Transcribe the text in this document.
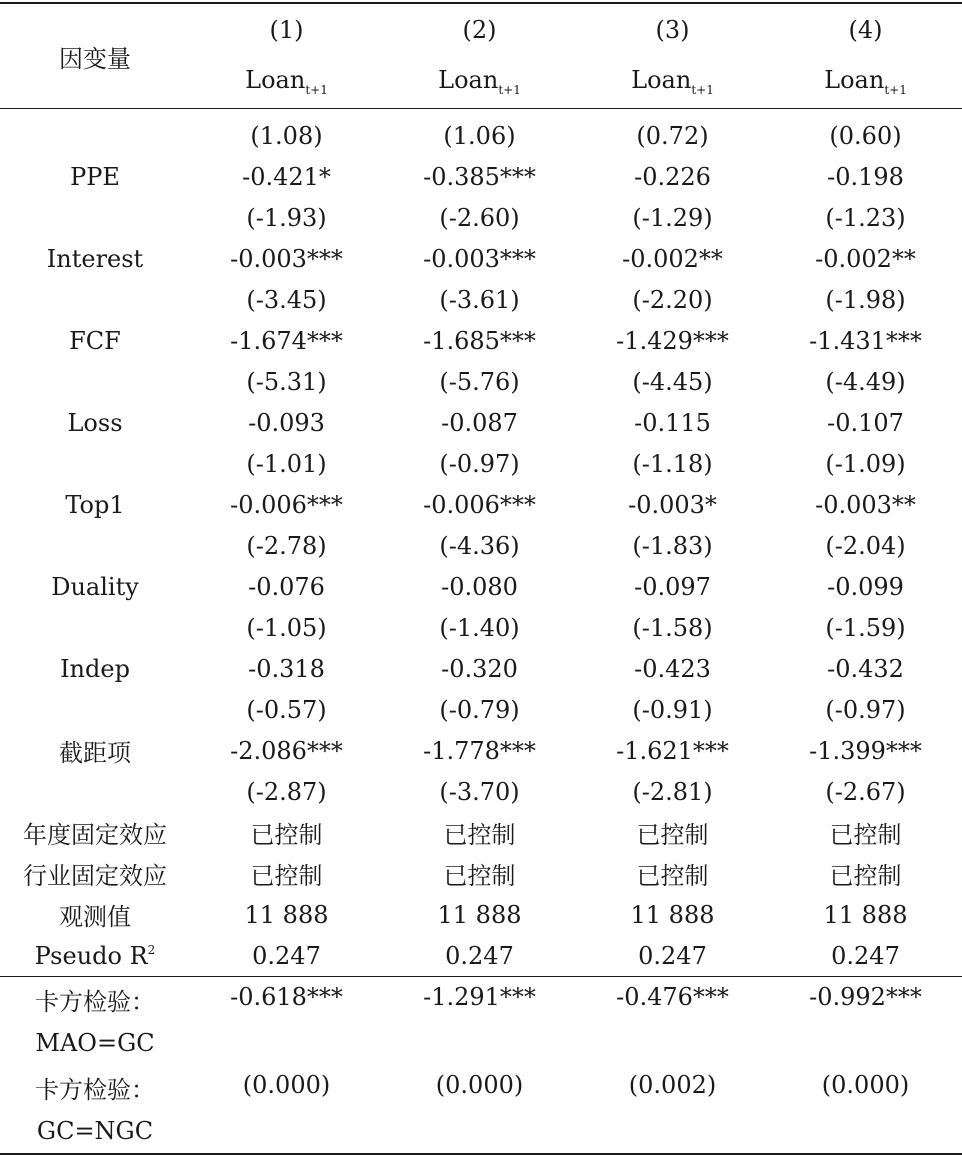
因变量	(1)	(2)	(3)	(4)
	Loan$_{t+1}$	Loan$_{t+1}$	Loan$_{t+1}$	Loan$_{t+1}$

	(1.08)	(1.06)	(0.72)	(0.60)
PPE	-0.421*	-0.385***	-0.226	-0.198
	(-1.93)	(-2.60)	(-1.29)	(-1.23)
Interest	-0.003***	-0.003***	-0.002**	-0.002**
	(-3.45)	(-3.61)	(-2.20)	(-1.98)
FCF	-1.674***	-1.685***	-1.429***	-1.431***
	(-5.31)	(-5.76)	(-4.45)	(-4.49)
Loss	-0.093	-0.087	-0.115	-0.107
	(-1.01)	(-0.97)	(-1.18)	(-1.09)
Top1	-0.006***	-0.006***	-0.003*	-0.003**
	(-2.78)	(-4.36)	(-1.83)	(-2.04)
Duality	-0.076	-0.080	-0.097	-0.099
	(-1.05)	(-1.40)	(-1.58)	(-1.59)
Indep	-0.318	-0.320	-0.423	-0.432
	(-0.57)	(-0.79)	(-0.91)	(-0.97)
截距项	-2.086***	-1.778***	-1.621***	-1.399***
	(-2.87)	(-3.70)	(-2.81)	(-2.67)
年度固定效应	已控制	已控制	已控制	已控制
行业固定效应	已控制	已控制	已控制	已控制
观测值	11 888	11 888	11 888	11 888
Pseudo $R^2$	0.247	0.247	0.247	0.247
卡方检验：	-0.618***	-1.291***	-0.476***	-0.992***
MAO=GC				
卡方检验：	(0.000)	(0.000)	(0.002)	(0.000)
GC=NGC				
